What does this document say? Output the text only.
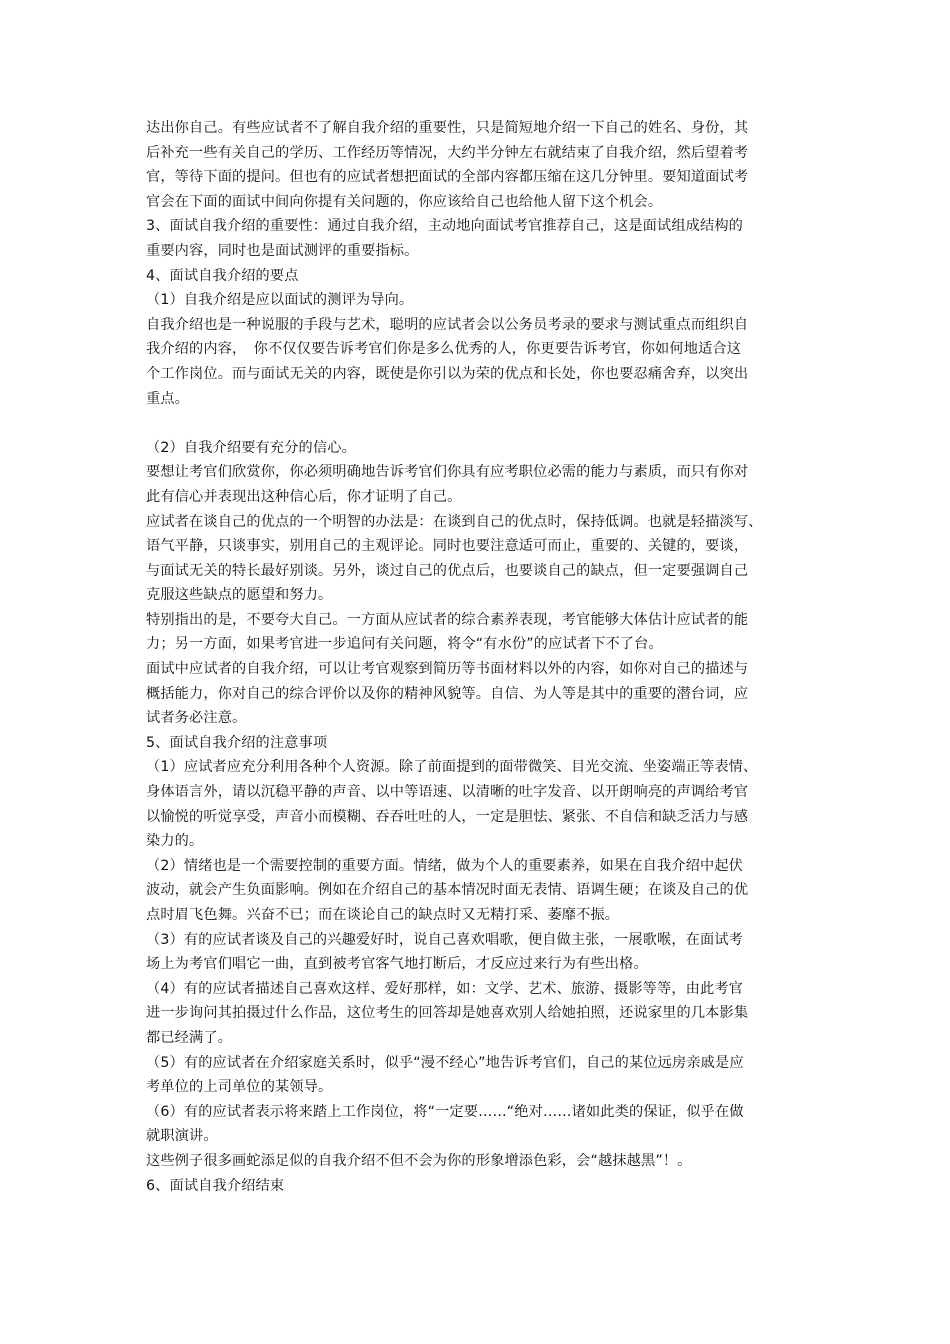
达出你自己。有些应试者不了解自我介绍的重要性，只是简短地介绍一下自己的姓名、身份，其
后补充一些有关自己的学历、工作经历等情况，大约半分钟左右就结束了自我介绍，然后望着考
官，等待下面的提问。但也有的应试者想把面试的全部内容都压缩在这几分钟里。要知道面试考
官会在下面的面试中间向你提有关问题的，你应该给自己也给他人留下这个机会。

3、面试自我介绍的重要性：通过自我介绍，主动地向面试考官推荐自己，这是面试组成结构的
重要内容，同时也是面试测评的重要指标。

4、面试自我介绍的要点

（1）自我介绍是应以面试的测评为导向。

自我介绍也是一种说服的手段与艺术，聪明的应试者会以公务员考录的要求与测试重点而组织自
我介绍的内容，　你不仅仅要告诉考官们你是多么优秀的人，你更要告诉考官，你如何地适合这
个工作岗位。而与面试无关的内容，既使是你引以为荣的优点和长处，你也要忍痛舍弃，以突出
重点。

（2）自我介绍要有充分的信心。

要想让考官们欣赏你，你必须明确地告诉考官们你具有应考职位必需的能力与素质，而只有你对
此有信心并表现出这种信心后，你才证明了自己。

应试者在谈自己的优点的一个明智的办法是：在谈到自己的优点时，保持低调。也就是轻描淡写、
语气平静，只谈事实，别用自己的主观评论。同时也要注意适可而止，重要的、关键的，要谈，
与面试无关的特长最好别谈。另外，谈过自己的优点后，也要谈自己的缺点，但一定要强调自己
克服这些缺点的愿望和努力。

特别指出的是，不要夸大自己。一方面从应试者的综合素养表现，考官能够大体估计应试者的能
力；另一方面，如果考官进一步追问有关问题，将令“有水份”的应试者下不了台。

面试中应试者的自我介绍，可以让考官观察到简历等书面材料以外的内容，如你对自己的描述与
概括能力，你对自己的综合评价以及你的精神风貌等。自信、为人等是其中的重要的潜台词，应
试者务必注意。

5、面试自我介绍的注意事项

（1）应试者应充分利用各种个人资源。除了前面提到的面带微笑、目光交流、坐姿端正等表情、
身体语言外，请以沉稳平静的声音、以中等语速、以清晰的吐字发音、以开朗响亮的声调给考官
以愉悦的听觉享受，声音小而模糊、吞吞吐吐的人，一定是胆怯、紧张、不自信和缺乏活力与感
染力的。

（2）情绪也是一个需要控制的重要方面。情绪，做为个人的重要素养，如果在自我介绍中起伏
波动，就会产生负面影响。例如在介绍自己的基本情况时面无表情、语调生硬；在谈及自己的优
点时眉飞色舞。兴奋不已；而在谈论自己的缺点时又无精打采、萎靡不振。

（3）有的应试者谈及自己的兴趣爱好时，说自己喜欢唱歌，便自做主张，一展歌喉，在面试考
场上为考官们唱它一曲，直到被考官客气地打断后，才反应过来行为有些出格。

（4）有的应试者描述自己喜欢这样、爱好那样，如：文学、艺术、旅游、摄影等等，由此考官
进一步询问其拍摄过什么作品，这位考生的回答却是她喜欢别人给她拍照，还说家里的几本影集
都已经满了。

（5）有的应试者在介绍家庭关系时，似乎“漫不经心”地告诉考官们，自己的某位远房亲戚是应
考单位的上司单位的某领导。

（6）有的应试者表示将来踏上工作岗位，将“一定要……“绝对……诸如此类的保证，似乎在做
就职演讲。

这些例子很多画蛇添足似的自我介绍不但不会为你的形象增添色彩，会“越抹越黑”！。

6、面试自我介绍结束
